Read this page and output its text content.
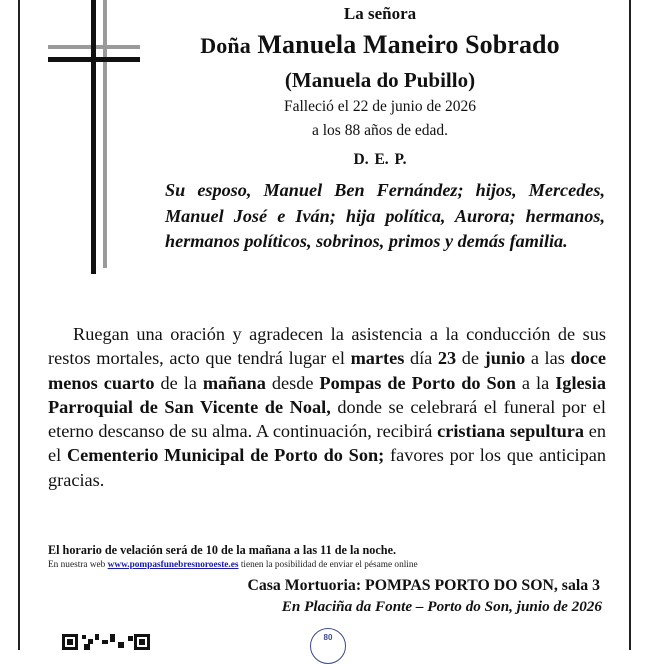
La señora
Doña Manuela Maneiro Sobrado
(Manuela do Pubillo)
Falleció el 22 de junio de 2026
a los 88 años de edad.
D. E. P.
Su esposo, Manuel Ben Fernández; hijos, Mercedes, Manuel José e Iván; hija política, Aurora; hermanos, hermanos políticos, sobrinos, primos y demás familia.
Ruegan una oración y agradecen la asistencia a la conducción de sus restos mortales, acto que tendrá lugar el martes día 23 de junio a las doce menos cuarto de la mañana desde Pompas de Porto do Son a la Iglesia Parroquial de San Vicente de Noal, donde se celebrará el funeral por el eterno descanso de su alma. A continuación, recibirá cristiana sepultura en el Cementerio Municipal de Porto do Son; favores por los que anticipan gracias.
El horario de velación será de 10 de la mañana a las 11 de la noche.
En nuestra web www.pompasfunebresnoroeste.es tienen la posibilidad de enviar el pésame online
Casa Mortuoria: POMPAS PORTO DO SON, sala 3
En Placiña da Fonte – Porto do Son, junio de 2026
80
